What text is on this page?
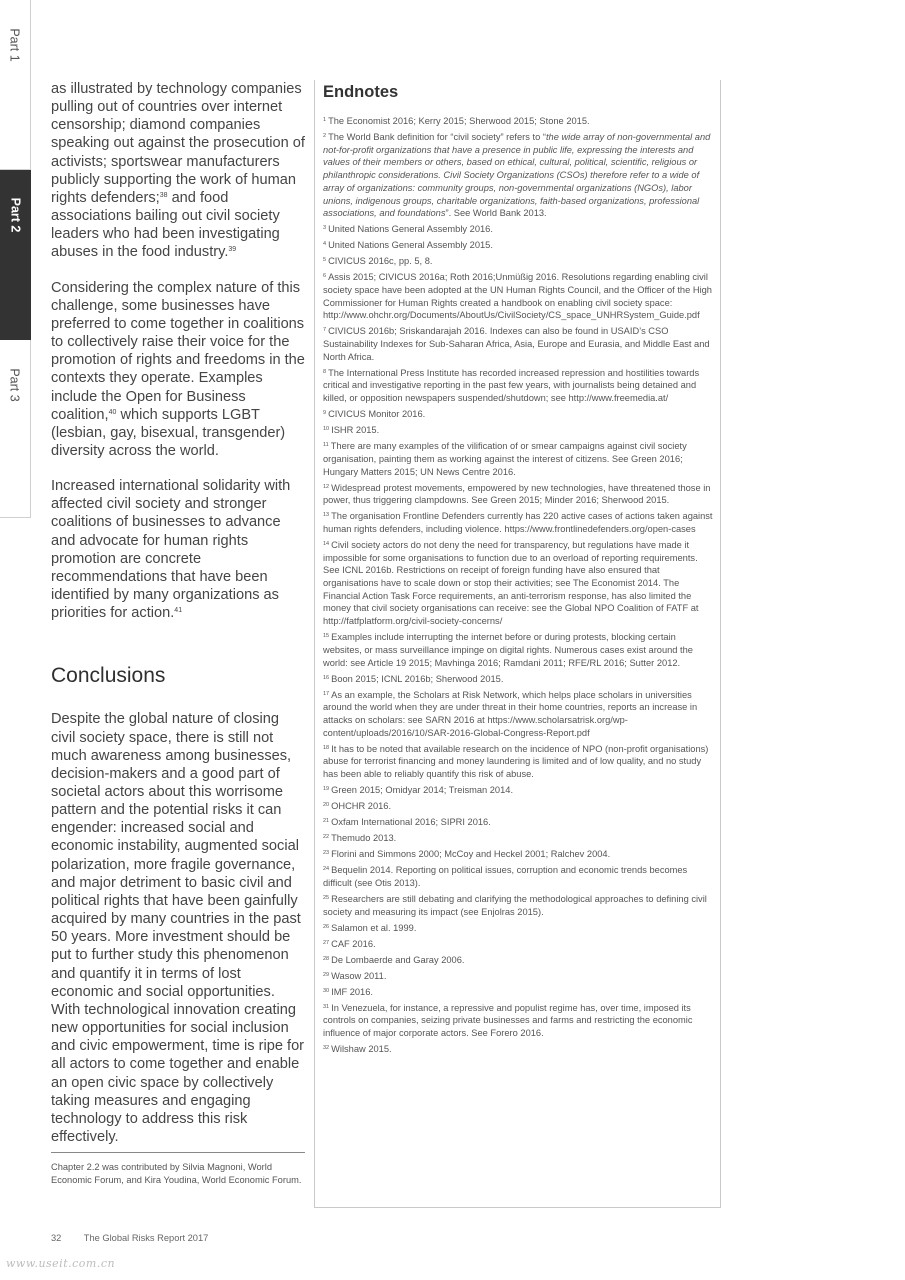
Part 1
Part 2
Part 3

as illustrated by technology companies pulling out of countries over internet censorship; diamond companies speaking out against the prosecution of activists; sportswear manufacturers publicly supporting the work of human rights defenders;$^{38}$ and food associations bailing out civil society leaders who had been investigating abuses in the food industry.$^{39}$

Considering the complex nature of this challenge, some businesses have preferred to come together in coalitions to collectively raise their voice for the promotion of rights and freedoms in the contexts they operate. Examples include the Open for Business coalition,$^{40}$ which supports LGBT (lesbian, gay, bisexual, transgender) diversity across the world.

Increased international solidarity with affected civil society and stronger coalitions of businesses to advance and advocate for human rights promotion are concrete recommendations that have been identified by many organizations as priorities for action.$^{41}$

Conclusions

Despite the global nature of closing civil society space, there is still not much awareness among businesses, decision-makers and a good part of societal actors about this worrisome pattern and the potential risks it can engender: increased social and economic instability, augmented social polarization, more fragile governance, and major detriment to basic civil and political rights that have been gainfully acquired by many countries in the past 50 years. More investment should be put to further study this phenomenon and quantify it in terms of lost economic and social opportunities. With technological innovation creating new opportunities for social inclusion and civic empowerment, time is ripe for all actors to come together and enable an open civic space by collectively taking measures and engaging technology to address this risk effectively.

Chapter 2.2 was contributed by Silvia Magnoni, World Economic Forum, and Kira Youdina, World Economic Forum.
Endnotes

$^1$ The Economist 2016; Kerry 2015; Sherwood 2015; Stone 2015.

$^2$ The World Bank definition for “civil society” refers to “the wide array of non-governmental and not-for-profit organizations that have a presence in public life, expressing the interests and values of their members or others, based on ethical, cultural, political, scientific, religious or philanthropic considerations. Civil Society Organizations (CSOs) therefore refer to a wide of array of organizations: community groups, non-governmental organizations (NGOs), labor unions, indigenous groups, charitable organizations, faith-based organizations, professional associations, and foundations”. See World Bank 2013.

$^3$ United Nations General Assembly 2016.

$^4$ United Nations General Assembly 2015.

$^5$ CIVICUS 2016c, pp. 5, 8.

$^6$ Assis 2015; CIVICUS 2016a; Roth 2016;Unmüßig 2016. Resolutions regarding enabling civil society space have been adopted at the UN Human Rights Council, and the Officer of the High Commissioner for Human Rights created a handbook on enabling civil society space: http://www.ohchr.org/Documents/AboutUs/CivilSociety/CS_space_UNHRSystem_Guide.pdf

$^7$ CIVICUS 2016b; Sriskandarajah 2016. Indexes can also be found in USAID’s CSO Sustainability Indexes for Sub-Saharan Africa, Asia, Europe and Eurasia, and Middle East and North Africa.

$^8$ The International Press Institute has recorded increased repression and hostilities towards critical and investigative reporting in the past few years, with journalists being detained and killed, or opposition newspapers suspended/shutdown; see http://www.freemedia.at/

$^9$ CIVICUS Monitor 2016.

$^{10}$ ISHR 2015.

$^{11}$ There are many examples of the vilification of or smear campaigns against civil society organisation, painting them as working against the interest of citizens. See Green 2016; Hungary Matters 2015; UN News Centre 2016.

$^{12}$ Widespread protest movements, empowered by new technologies, have threatened those in power, thus triggering clampdowns. See Green 2015; Minder 2016; Sherwood 2015.

$^{13}$ The organisation Frontline Defenders currently has 220 active cases of actions taken against human rights defenders, including violence. https://www.frontlinedefenders.org/open-cases

$^{14}$ Civil society actors do not deny the need for transparency, but regulations have made it impossible for some organisations to function due to an overload of reporting requirements. See ICNL 2016b. Restrictions on receipt of foreign funding have also ensured that organisations have to scale down or stop their activities; see The Economist 2014. The Financial Action Task Force requirements, an anti-terrorism response, has also limited the money that civil society organisations can receive: see the Global NPO Coalition of FATF at http://fatfplatform.org/civil-society-concerns/

$^{15}$ Examples include interrupting the internet before or during protests, blocking certain websites, or mass surveillance impinge on digital rights. Numerous cases exist around the world: see Article 19 2015; Mavhinga 2016; Ramdani 2011; RFE/RL 2016; Sutter 2012.

$^{16}$ Boon 2015; ICNL 2016b; Sherwood 2015.

$^{17}$ As an example, the Scholars at Risk Network, which helps place scholars in universities around the world when they are under threat in their home countries, reports an increase in attacks on scholars: see SARN 2016 at https://www.scholarsatrisk.org/wp-content/uploads/2016/10/SAR-2016-Global-Congress-Report.pdf

$^{18}$ It has to be noted that available research on the incidence of NPO (non-profit organisations) abuse for terrorist financing and money laundering is limited and of low quality, and no study has been able to reliably quantify this risk of abuse.

$^{19}$ Green 2015; Omidyar 2014; Treisman 2014.

$^{20}$ OHCHR 2016.

$^{21}$ Oxfam International 2016; SIPRI 2016.

$^{22}$ Themudo 2013.

$^{23}$ Florini and Simmons 2000; McCoy and Heckel 2001; Ralchev 2004.

$^{24}$ Bequelin 2014. Reporting on political issues, corruption and economic trends becomes difficult (see Otis 2013).

$^{25}$ Researchers are still debating and clarifying the methodological approaches to defining civil society and measuring its impact (see Enjolras 2015).

$^{26}$ Salamon et al. 1999.

$^{27}$ CAF 2016.

$^{28}$ De Lombaerde and Garay 2006.

$^{29}$ Wasow 2011.

$^{30}$ IMF 2016.

$^{31}$ In Venezuela, for instance, a repressive and populist regime has, over time, imposed its controls on companies, seizing private businesses and farms and restricting the economic influence of major corporate actors. See Forero 2016.

$^{32}$ Wilshaw 2015.

32 The Global Risks Report 2017
www.useit.com.cn
